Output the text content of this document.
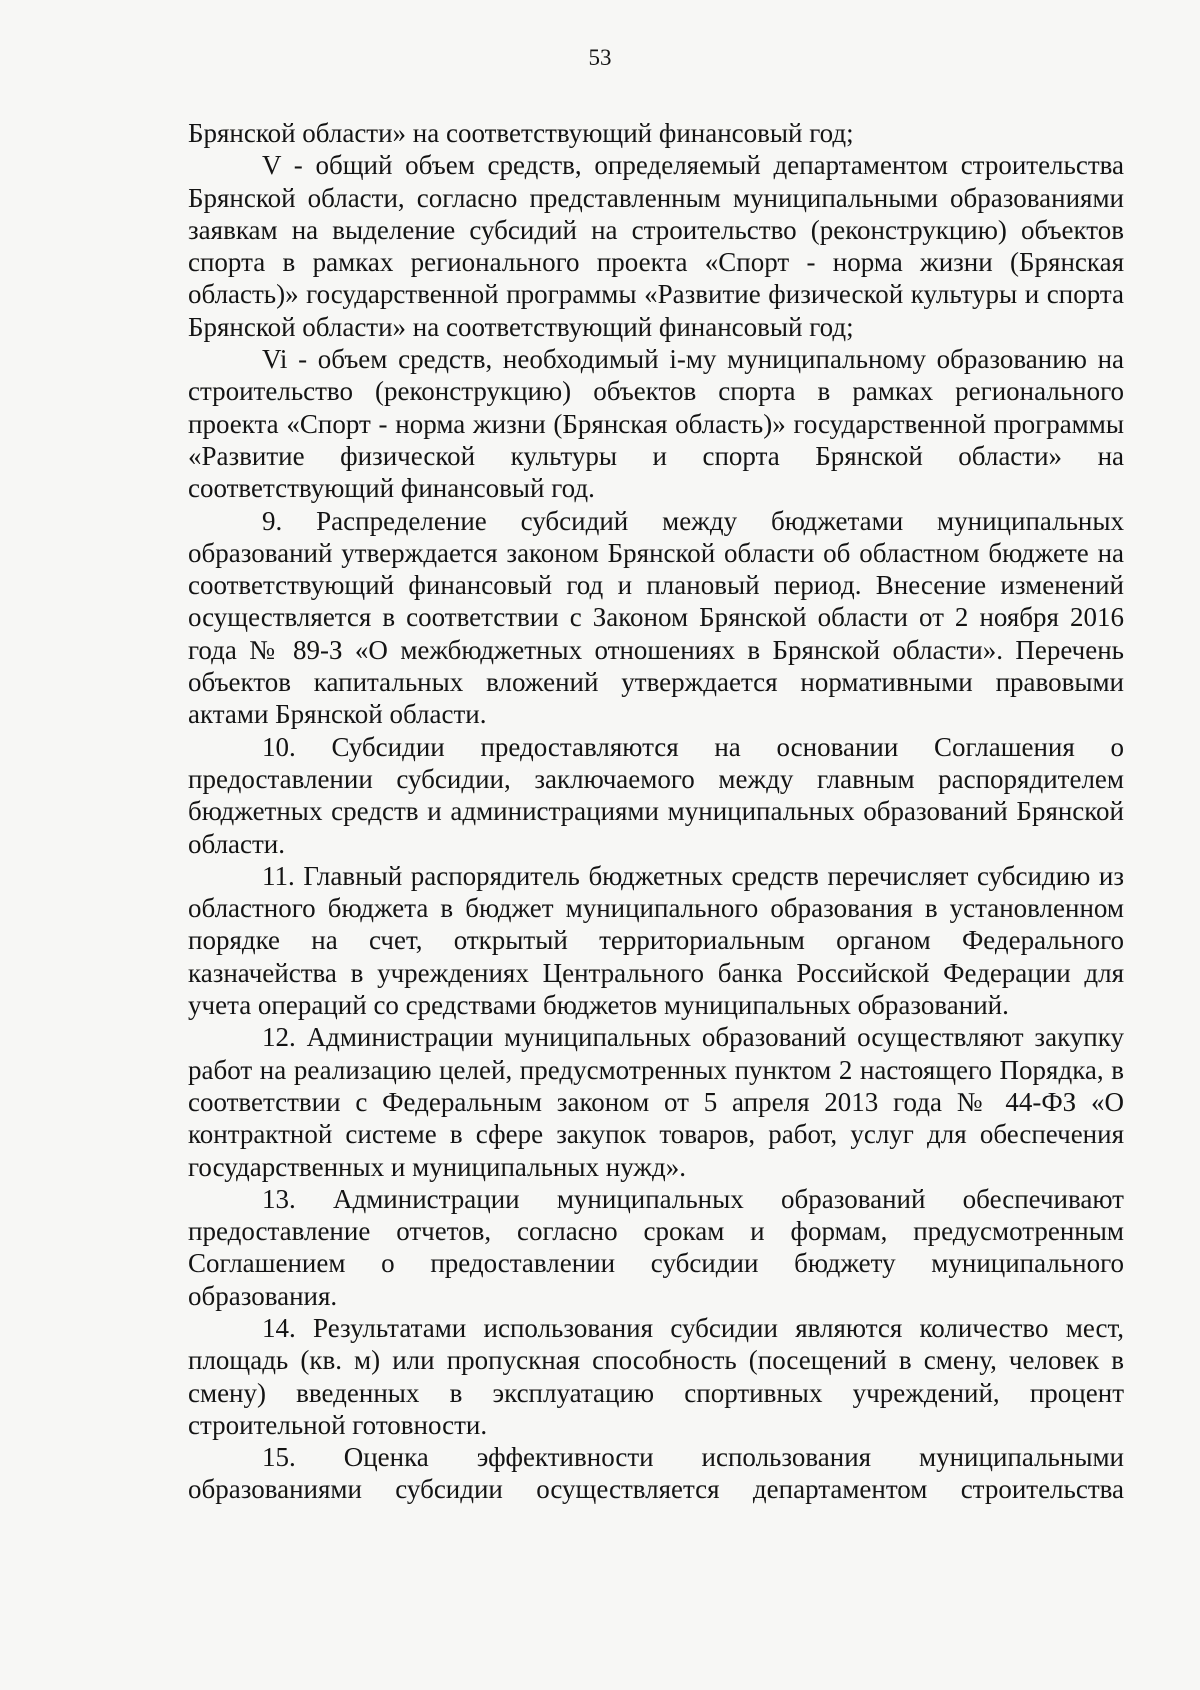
53

Брянской области» на соответствующий финансовый год;

V - общий объем средств, определяемый департаментом строительства Брянской области, согласно представленным муниципальными образованиями заявкам на выделение субсидий на строительство (реконструкцию) объектов спорта в рамках регионального проекта «Спорт - норма жизни (Брянская область)» государственной программы «Развитие физической культуры и спорта Брянской области» на соответствующий финансовый год;

Vi - объем средств, необходимый i-му муниципальному образованию на строительство (реконструкцию) объектов спорта в рамках регионального проекта «Спорт - норма жизни (Брянская область)» государственной программы «Развитие физической культуры и спорта Брянской области» на соответствующий финансовый год.

9. Распределение субсидий между бюджетами муниципальных образований утверждается законом Брянской области об областном бюджете на соответствующий финансовый год и плановый период. Внесение изменений осуществляется в соответствии с Законом Брянской области от 2 ноября 2016 года № 89-З «О межбюджетных отношениях в Брянской области». Перечень объектов капитальных вложений утверждается нормативными правовыми актами Брянской области.

10. Субсидии предоставляются на основании Соглашения о предоставлении субсидии, заключаемого между главным распорядителем бюджетных средств и администрациями муниципальных образований Брянской области.

11. Главный распорядитель бюджетных средств перечисляет субсидию из областного бюджета в бюджет муниципального образования в установленном порядке на счет, открытый территориальным органом Федерального казначейства в учреждениях Центрального банка Российской Федерации для учета операций со средствами бюджетов муниципальных образований.

12. Администрации муниципальных образований осуществляют закупку работ на реализацию целей, предусмотренных пунктом 2 настоящего Порядка, в соответствии с Федеральным законом от 5 апреля 2013 года № 44-ФЗ «О контрактной системе в сфере закупок товаров, работ, услуг для обеспечения государственных и муниципальных нужд».

13. Администрации муниципальных образований обеспечивают предоставление отчетов, согласно срокам и формам, предусмотренным Соглашением о предоставлении субсидии бюджету муниципального образования.

14. Результатами использования субсидии являются количество мест, площадь (кв. м) или пропускная способность (посещений в смену, человек в смену) введенных в эксплуатацию спортивных учреждений, процент строительной готовности.

15. Оценка эффективности использования муниципальными образованиями субсидии осуществляется департаментом строительства
